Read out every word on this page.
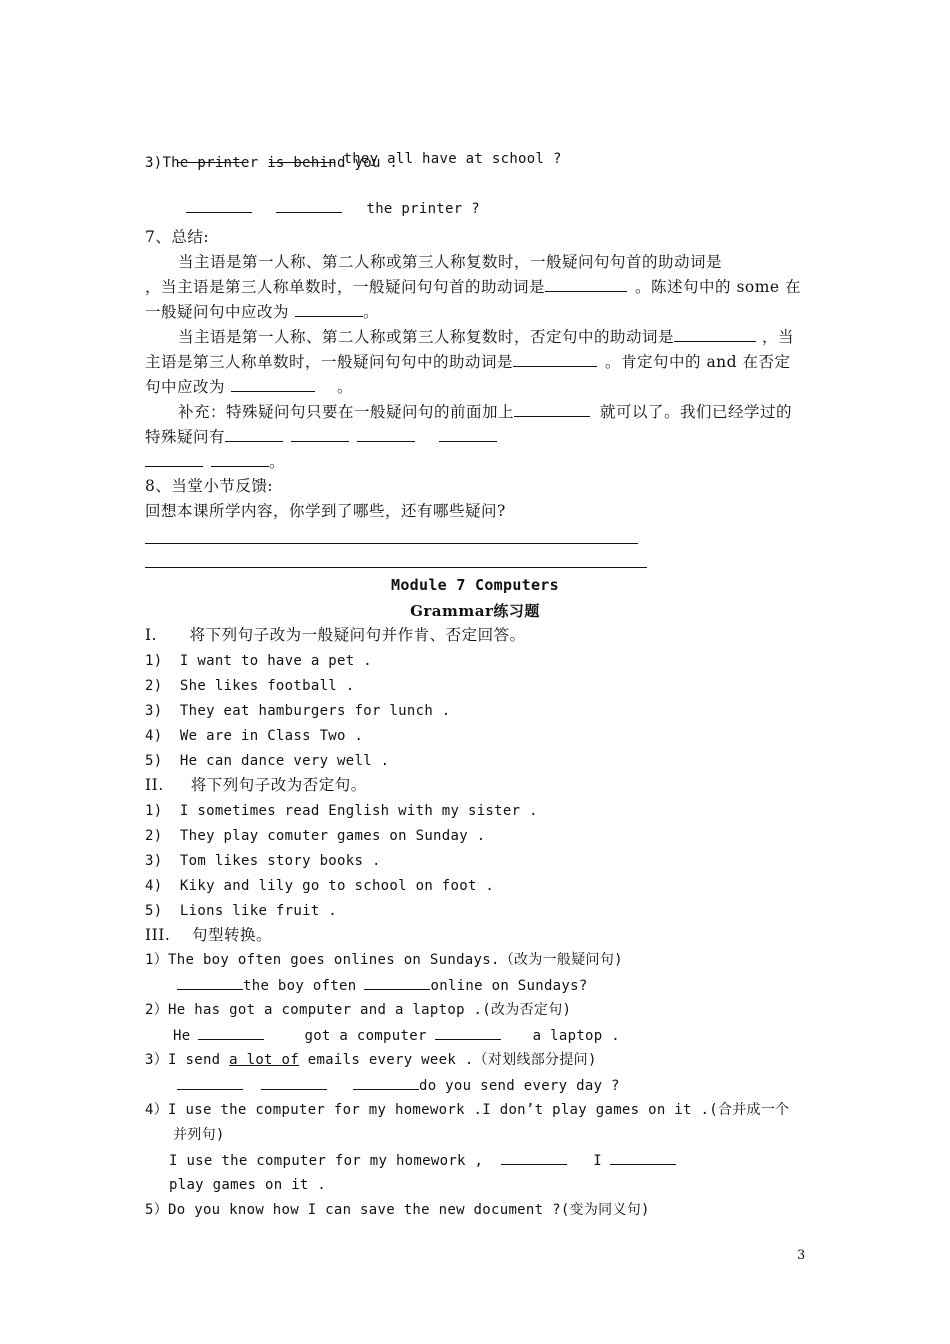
they all have at school ?

3)The printer is behind you .

the printer ?

7、总结:
当主语是第一人称、第二人称或第三人称复数时，一般疑问句句首的助动词是
，当主语是第三人称单数时，一般疑问句句首的助动词是	。陈述句中的 some 在
一般疑问句中应改为	。
当主语是第一人称、第二人称或第三人称复数时，否定句中的助动词是	，当
主语是第三人称单数时，一般疑问句句中的助动词是	。肯定句中的 and 在否定
句中应改为	。
补充：特殊疑问句只要在一般疑问句的前面加上	就可以了。我们已经学过的
特殊疑问有
。
8、当堂小节反馈:
回想本课所学内容，你学到了哪些，还有哪些疑问?
Module 7 Computers
Grammar练习题
I.      将下列句子改为一般疑问句并作肯、否定回答。
1)  I want to have a pet .
2)  She likes football .
3)  They eat hamburgers for lunch .
4)  We are in Class Two .
5)  He can dance very well .
II.     将下列句子改为否定句。
1)  I sometimes read English with my sister .
2)  They play comuter games on Sunday .
3)  Tom likes story books .
4)  Kiky and lily go to school on foot .
5)  Lions like fruit .
III.    句型转换。
1）The boy often goes onlines on Sundays.（改为一般疑问句)
the boy often	online on Sundays?
2）He has got a computer and a laptop .(改为否定句)
He	got a computer	a laptop .
3）I send a lot of emails every week .（对划线部分提问)
do you send every day ?
4）I use the computer for my homework .I don’t play games on it .(合并成一个
并列句)
I use the computer for my homework ,	I
play games on it .
5）Do you know how I can save the new document ?(变为同义句)
3
